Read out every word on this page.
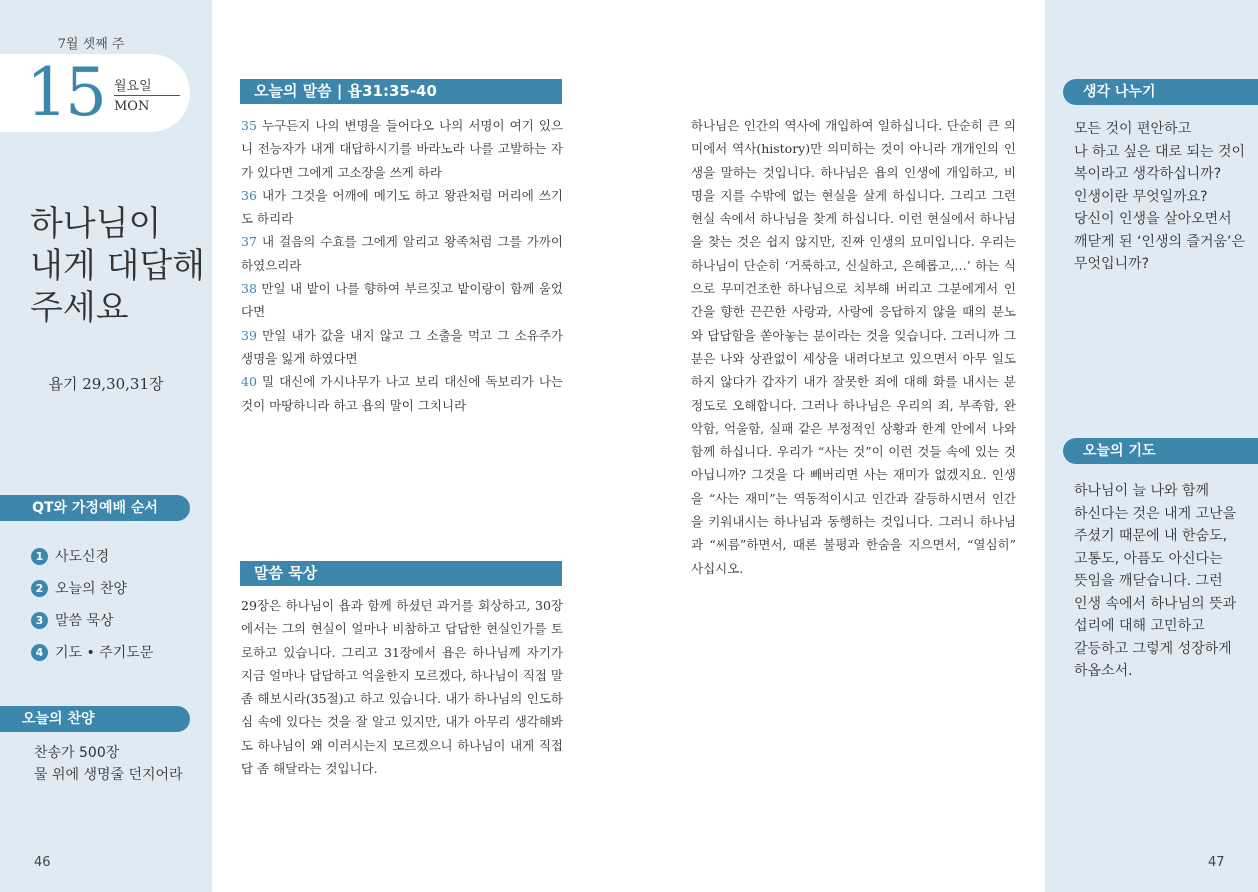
7월 셋째 주
15 월요일
MON
하나님이
내게 대답해
주세요
욥기 29,30,31장
QT와 가정예배 순서
1 사도신경
2 오늘의 찬양
3 말씀 묵상
4 기도 • 주기도문
오늘의 찬양
찬송가 500장
물 위에 생명줄 던지어라
46
오늘의 말씀 | 욥31:35-40
35 누구든지 나의 변명을 들어다오 나의 서명이 여기 있으니 전능자가 내게 대답하시기를 바라노라 나를 고발하는 자가 있다면 그에게 고소장을 쓰게 하라
36 내가 그것을 어깨에 메기도 하고 왕관처럼 머리에 쓰기도 하리라
37 내 걸음의 수효를 그에게 알리고 왕족처럼 그를 가까이 하였으리라
38 만일 내 밭이 나를 향하여 부르짖고 밭이랑이 함께 울었다면
39 만일 내가 값을 내지 않고 그 소출을 먹고 그 소유주가 생명을 잃게 하였다면
40 밀 대신에 가시나무가 나고 보리 대신에 독보리가 나는 것이 마땅하니라 하고 욥의 말이 그치니라
말씀 묵상
29장은 하나님이 욥과 함께 하셨던 과거를 회상하고, 30장에서는 그의 현실이 얼마나 비참하고 답답한 현실인가를 토로하고 있습니다. 그리고 31장에서 욥은 하나님께 자기가 지금 얼마나 답답하고 억울한지 모르겠다, 하나님이 직접 말 좀 해보시라(35절)고 하고 있습니다. 내가 하나님의 인도하심 속에 있다는 것을 잘 알고 있지만, 내가 아무리 생각해봐도 하나님이 왜 이러시는지 모르겠으니 하나님이 내게 직접 답 좀 해달라는 것입니다.
하나님은 인간의 역사에 개입하여 일하십니다. 단순히 큰 의미에서 역사(history)만 의미하는 것이 아니라 개개인의 인생을 말하는 것입니다. 하나님은 욥의 인생에 개입하고, 비명을 지를 수밖에 없는 현실을 살게 하십니다. 그리고 그런 현실 속에서 하나님을 찾게 하십니다. 이런 현실에서 하나님을 찾는 것은 쉽지 않지만, 진짜 인생의 묘미입니다. 우리는 하나님이 단순히 ‘거룩하고, 신실하고, 은혜롭고,…’ 하는 식으로 무미건조한 하나님으로 치부해 버리고 그분에게서 인간을 향한 끈끈한 사랑과, 사랑에 응답하지 않을 때의 분노와 답답함을 쏟아놓는 분이라는 것을 잊습니다. 그러니까 그분은 나와 상관없이 세상을 내려다보고 있으면서 아무 일도 하지 않다가 갑자기 내가 잘못한 죄에 대해 화를 내시는 분 정도로 오해합니다. 그러나 하나님은 우리의 죄, 부족함, 완악함, 억울함, 실패 같은 부정적인 상황과 한계 안에서 나와 함께 하십니다. 우리가 “사는 것”이 이런 것들 속에 있는 것 아닙니까? 그것을 다 빼버리면 사는 재미가 없겠지요. 인생을 “사는 재미”는 역동적이시고 인간과 갈등하시면서 인간을 키워내시는 하나님과 동행하는 것입니다. 그러니 하나님과 “씨름”하면서, 때론 불평과 한숨을 지으면서, “열심히” 사십시오.
생각 나누기
모든 것이 편안하고
나 하고 싶은 대로 되는 것이
복이라고 생각하십니까?
인생이란 무엇일까요?
당신이 인생을 살아오면서
깨닫게 된 ‘인생의 즐거움’은
무엇입니까?
오늘의 기도
하나님이 늘 나와 함께
하신다는 것은 내게 고난을
주셨기 때문에 내 한숨도,
고통도, 아픔도 아신다는
뜻임을 깨닫습니다. 그런
인생 속에서 하나님의 뜻과
섭리에 대해 고민하고
갈등하고 그렇게 성장하게
하옵소서.
47
